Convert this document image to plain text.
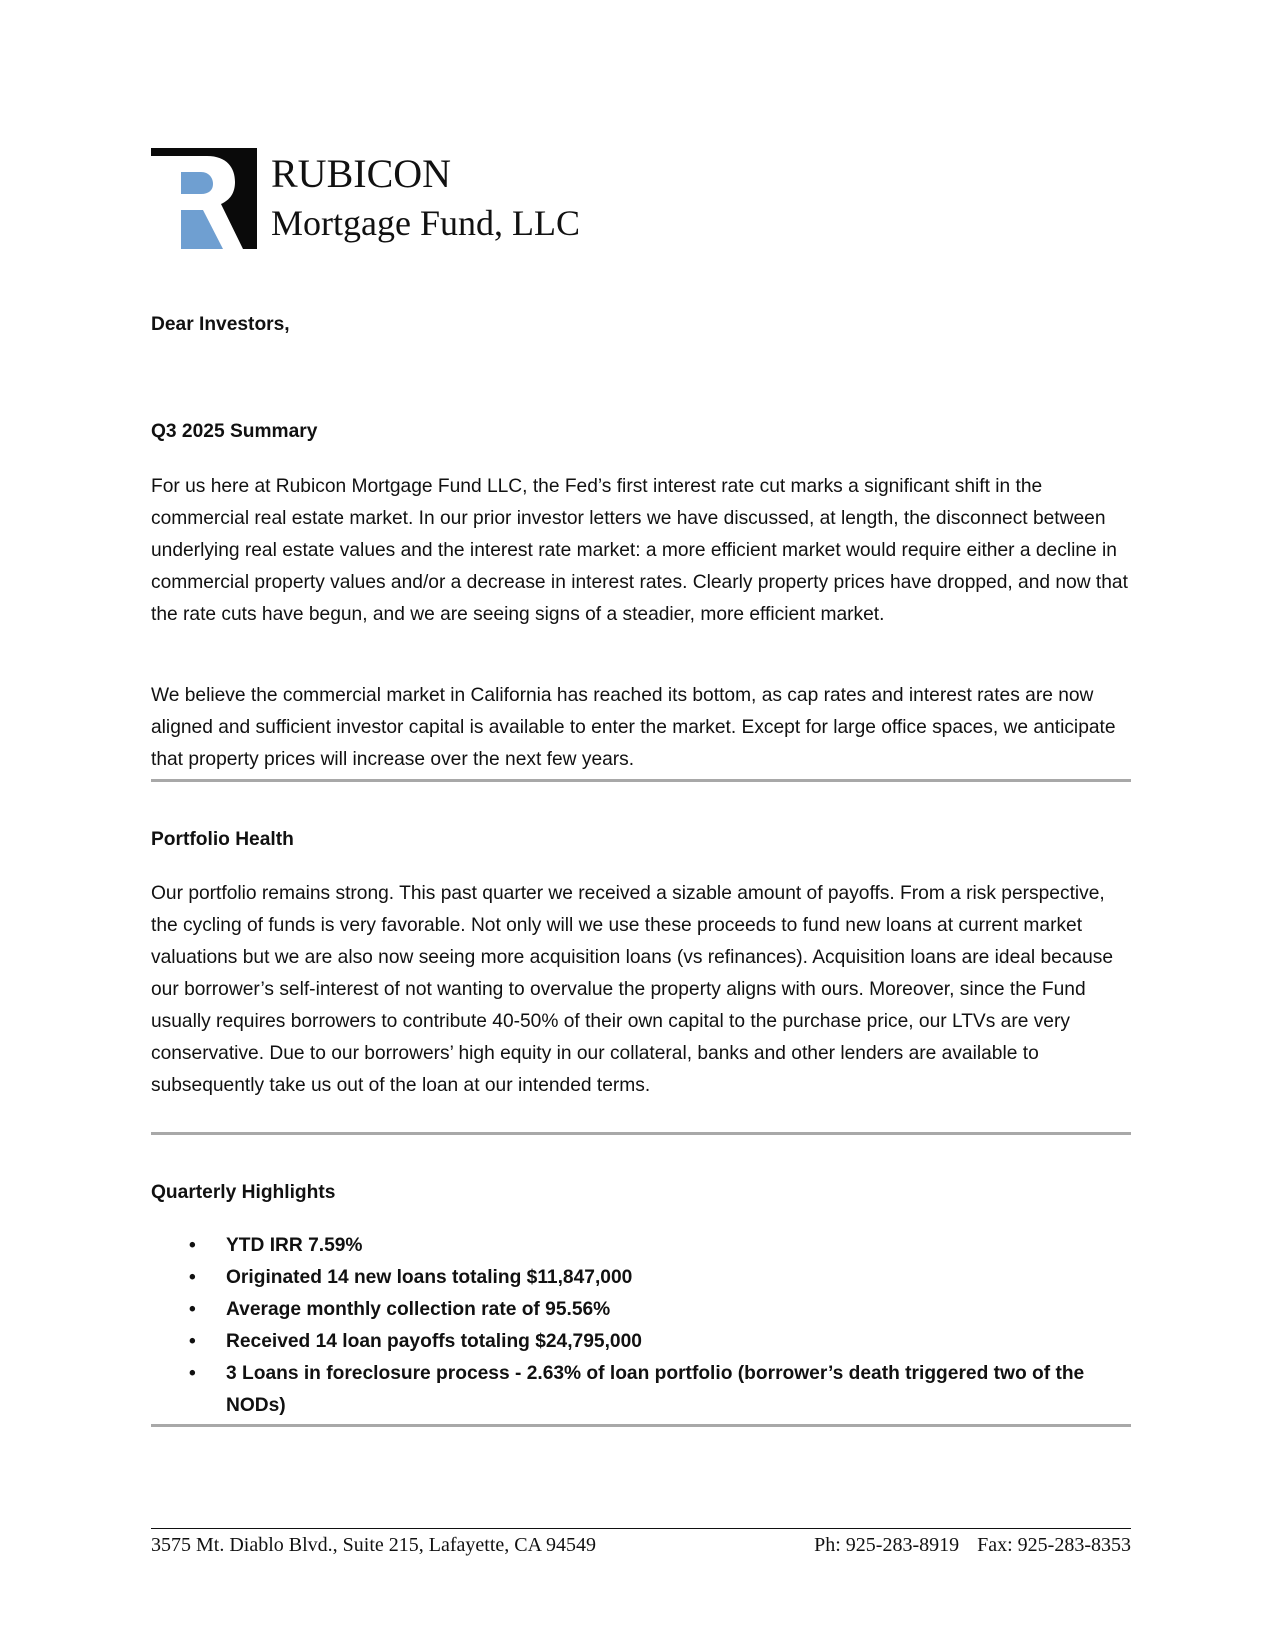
RUBICON
Mortgage Fund, LLC
Dear Investors,
Q3 2025 Summary

For us here at Rubicon Mortgage Fund LLC, the Fed’s first interest rate cut marks a significant shift in the commercial real estate market. In our prior investor letters we have discussed, at length, the disconnect between underlying real estate values and the interest rate market: a more efficient market would require either a decline in commercial property values and/or a decrease in interest rates. Clearly property prices have dropped, and now that the rate cuts have begun, and we are seeing signs of a steadier, more efficient market.

We believe the commercial market in California has reached its bottom, as cap rates and interest rates are now aligned and sufficient investor capital is available to enter the market. Except for large office spaces, we anticipate that property prices will increase over the next few years.

Portfolio Health

Our portfolio remains strong. This past quarter we received a sizable amount of payoffs. From a risk perspective, the cycling of funds is very favorable. Not only will we use these proceeds to fund new loans at current market valuations but we are also now seeing more acquisition loans (vs refinances). Acquisition loans are ideal because our borrower’s self-interest of not wanting to overvalue the property aligns with ours. Moreover, since the Fund usually requires borrowers to contribute 40-50% of their own capital to the purchase price, our LTVs are very conservative. Due to our borrowers’ high equity in our collateral, banks and other lenders are available to subsequently take us out of the loan at our intended terms.

Quarterly Highlights
• YTD IRR 7.59%
• Originated 14 new loans totaling $11,847,000
• Average monthly collection rate of 95.56%
• Received 14 loan payoffs totaling $24,795,000
• 3 Loans in foreclosure process - 2.63% of loan portfolio (borrower’s death triggered two of the NODs)
3575 Mt. Diablo Blvd., Suite 215, Lafayette, CA 94549	Ph: 925-283-8919 Fax: 925-283-8353
